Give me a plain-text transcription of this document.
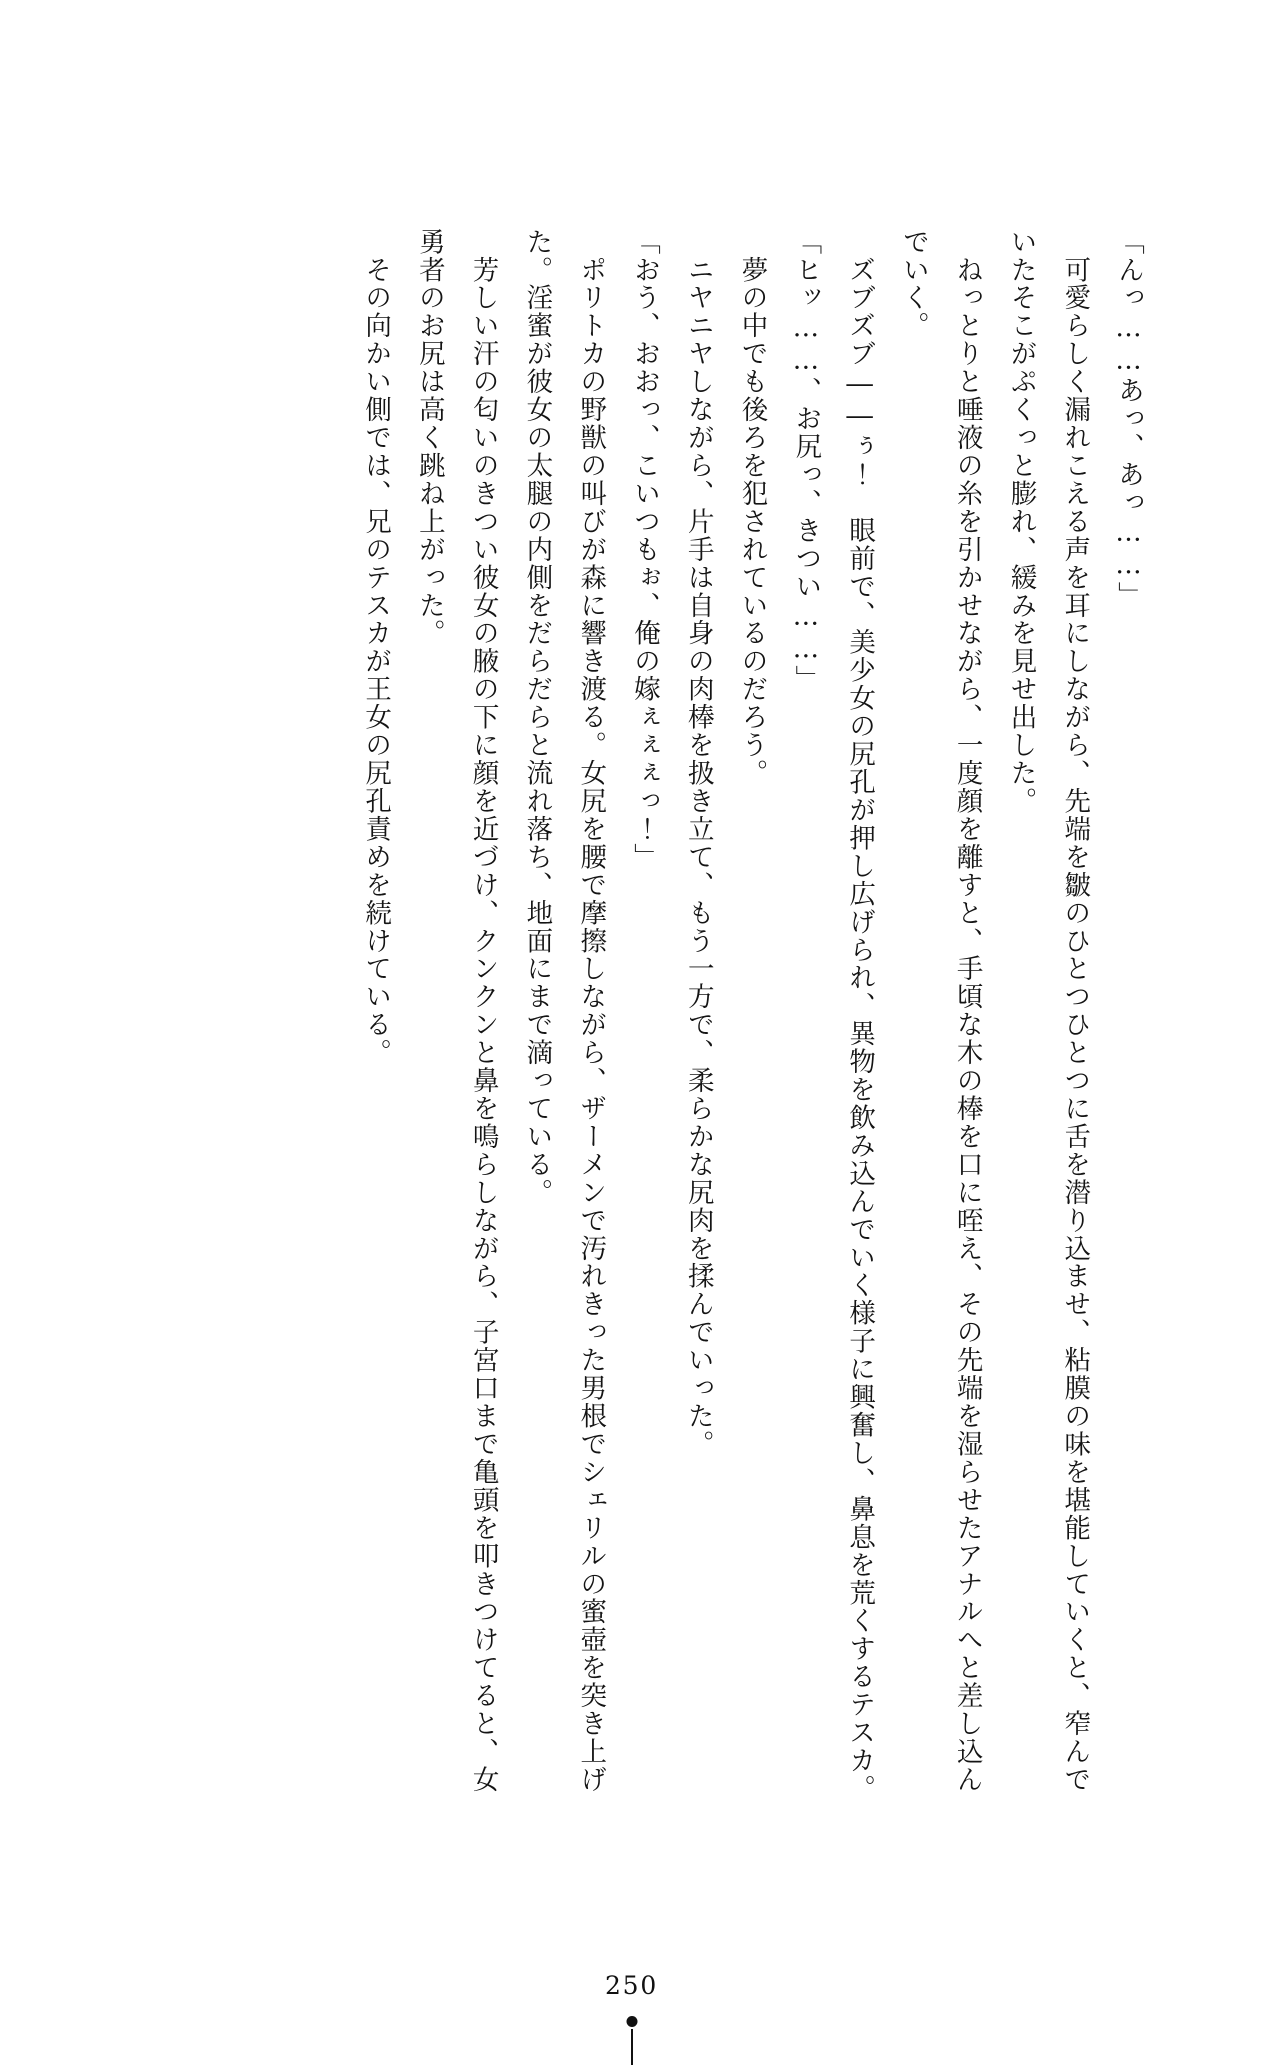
「んっ……あっ、あっ……」

　可愛らしく漏れこえる声を耳にしながら、先端を皺のひとつひとつに舌を潜り込ませ、粘膜の味を堪能していくと、窄んでいたそこがぷくっと膨れ、緩みを見せ出した。

　ねっとりと唾液の糸を引かせながら、一度顔を離すと、手頃な木の棒を口に咥え、その先端を湿らせたアナルへと差し込んでいく。

　ズブズブ――ぅ！　眼前で、美少女の尻孔が押し広げられ、異物を飲み込んでいく様子に興奮し、鼻息を荒くするテスカ。

「ヒッ……、お尻っ、きつい……」

　夢の中でも後ろを犯されているのだろう。

　ニヤニヤしながら、片手は自身の肉棒を扱き立て、もう一方で、柔らかな尻肉を揉んでいった。

「おう、おおっ、こいつもぉ、俺の嫁ぇぇぇっ！」

　ポリトカの野獣の叫びが森に響き渡る。女尻を腰で摩擦しながら、ザーメンで汚れきった男根でシェリルの蜜壺を突き上げた。淫蜜が彼女の太腿の内側をだらだらと流れ落ち、地面にまで滴っている。

　芳しい汗の匂いのきつい彼女の腋の下に顔を近づけ、クンクンと鼻を鳴らしながら、子宮口まで亀頭を叩きつけてると、女勇者のお尻は高く跳ね上がった。

　その向かい側では、兄のテスカが王女の尻孔責めを続けている。

250
